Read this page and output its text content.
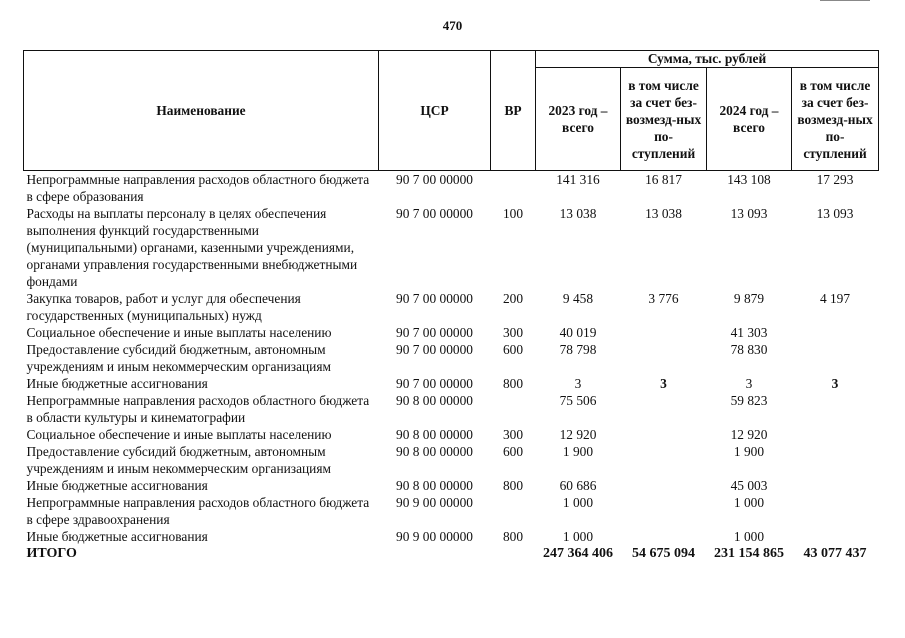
470
Наименование	ЦСР	ВР	Сумма, тыс. рублей			
			2023 год – всего	в том числе за счет без-возмезд-ных по-ступлений	2024 год – всего	в том числе за счет без-возмезд-ных по-ступлений
Непрограммные направления расходов областного бюджета в сфере образования	90 7 00 00000		141 316	16 817	143 108	17 293
Расходы на выплаты персоналу в целях обеспечения выполнения функций государственными (муниципальными) органами, казенными учреждениями, органами управления государственными внебюджетными фондами	90 7 00 00000	100	13 038	13 038	13 093	13 093
Закупка товаров, работ и услуг для обеспечения государственных (муниципальных) нужд	90 7 00 00000	200	9 458	3 776	9 879	4 197
Социальное обеспечение и иные выплаты населению	90 7 00 00000	300	40 019		41 303	
Предоставление субсидий бюджетным, автономным учреждениям и иным некоммерческим организациям	90 7 00 00000	600	78 798		78 830	
Иные бюджетные ассигнования	90 7 00 00000	800	3	3	3	3
Непрограммные направления расходов областного бюджета в области культуры и кинематографии	90 8 00 00000		75 506		59 823	
Социальное обеспечение и иные выплаты населению	90 8 00 00000	300	12 920		12 920	
Предоставление субсидий бюджетным, автономным учреждениям и иным некоммерческим организациям	90 8 00 00000	600	1 900		1 900	
Иные бюджетные ассигнования	90 8 00 00000	800	60 686		45 003	
Непрограммные направления расходов областного бюджета в сфере здравоохранения	90 9 00 00000		1 000		1 000	
Иные бюджетные ассигнования	90 9 00 00000	800	1 000		1 000	
ИТОГО			247 364 406	54 675 094	231 154 865	43 077 437
